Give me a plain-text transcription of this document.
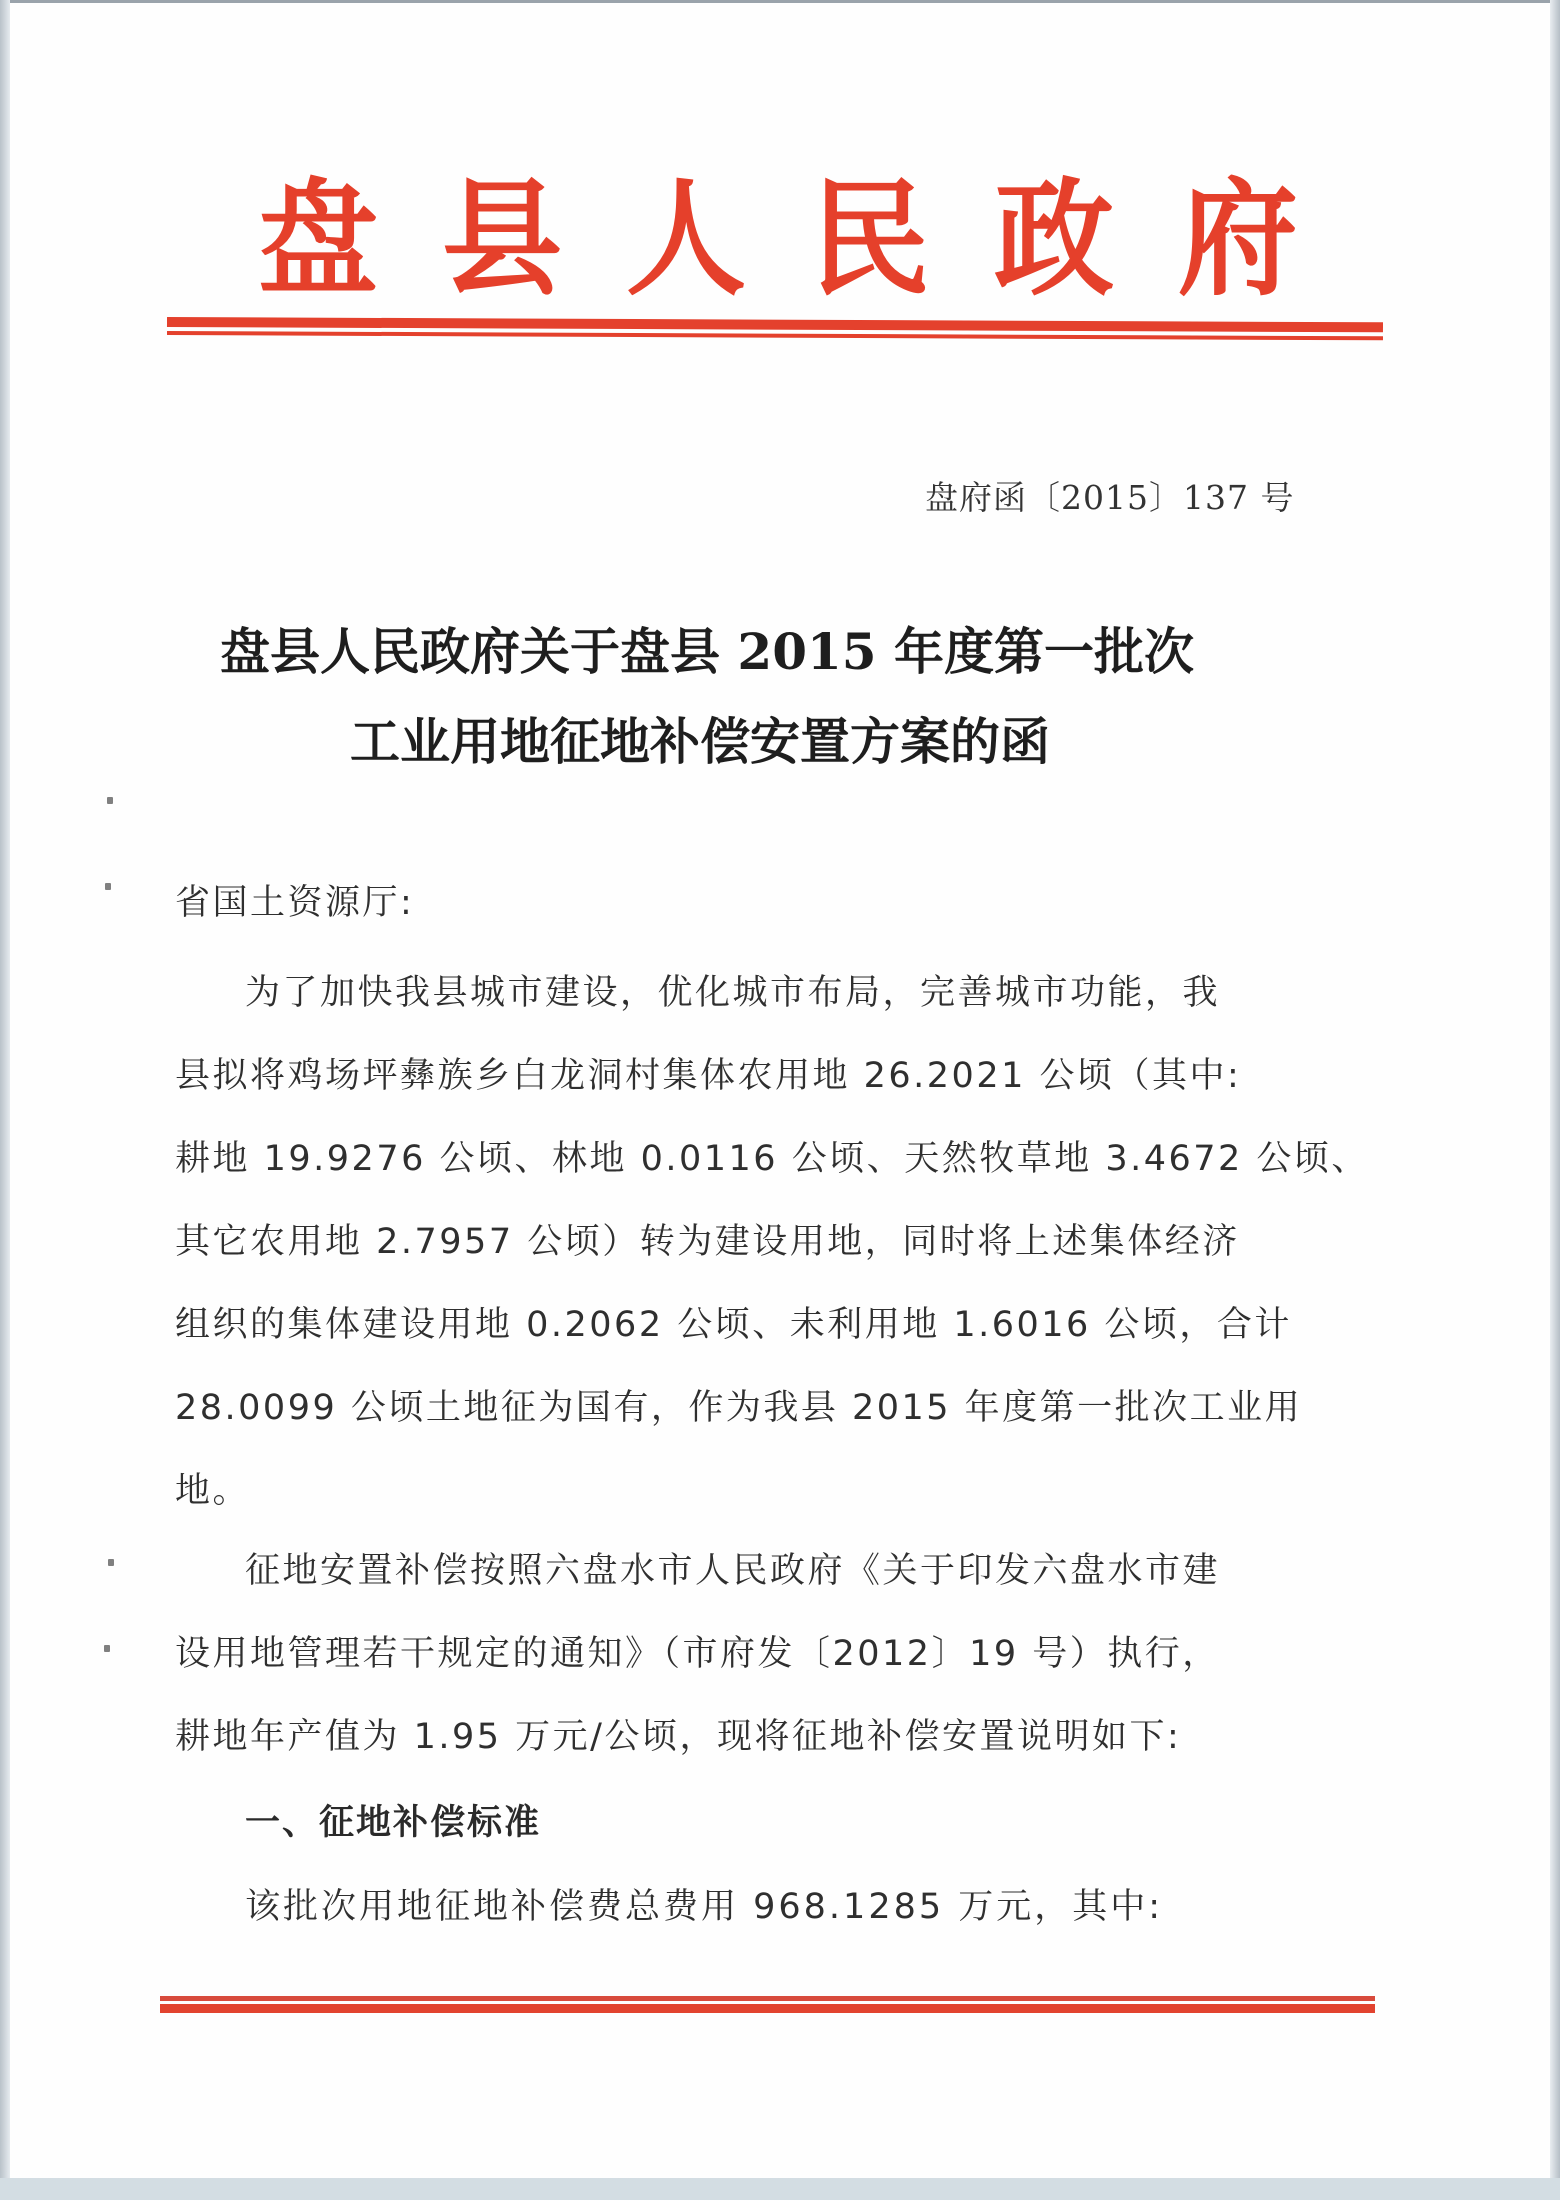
盘 县 人 民 政 府
盘府函〔2015〕137 号
盘县人民政府关于盘县 2015 年度第一批次
工业用地征地补偿安置方案的函
省国土资源厅:
为了加快我县城市建设，优化城市布局，完善城市功能，我
县拟将鸡场坪彝族乡白龙洞村集体农用地 26.2021 公顷（其中:
耕地 19.9276 公顷、林地 0.0116 公顷、天然牧草地 3.4672 公顷、
其它农用地 2.7957 公顷）转为建设用地，同时将上述集体经济
组织的集体建设用地 0.2062 公顷、未利用地 1.6016 公顷，合计
28.0099 公顷土地征为国有，作为我县 2015 年度第一批次工业用
地。
征地安置补偿按照六盘水市人民政府《关于印发六盘水市建
设用地管理若干规定的通知》（市府发〔2012〕19 号）执行，
耕地年产值为 1.95 万元/公顷，现将征地补偿安置说明如下:
一、征地补偿标准
该批次用地征地补偿费总费用 968.1285 万元，其中:
